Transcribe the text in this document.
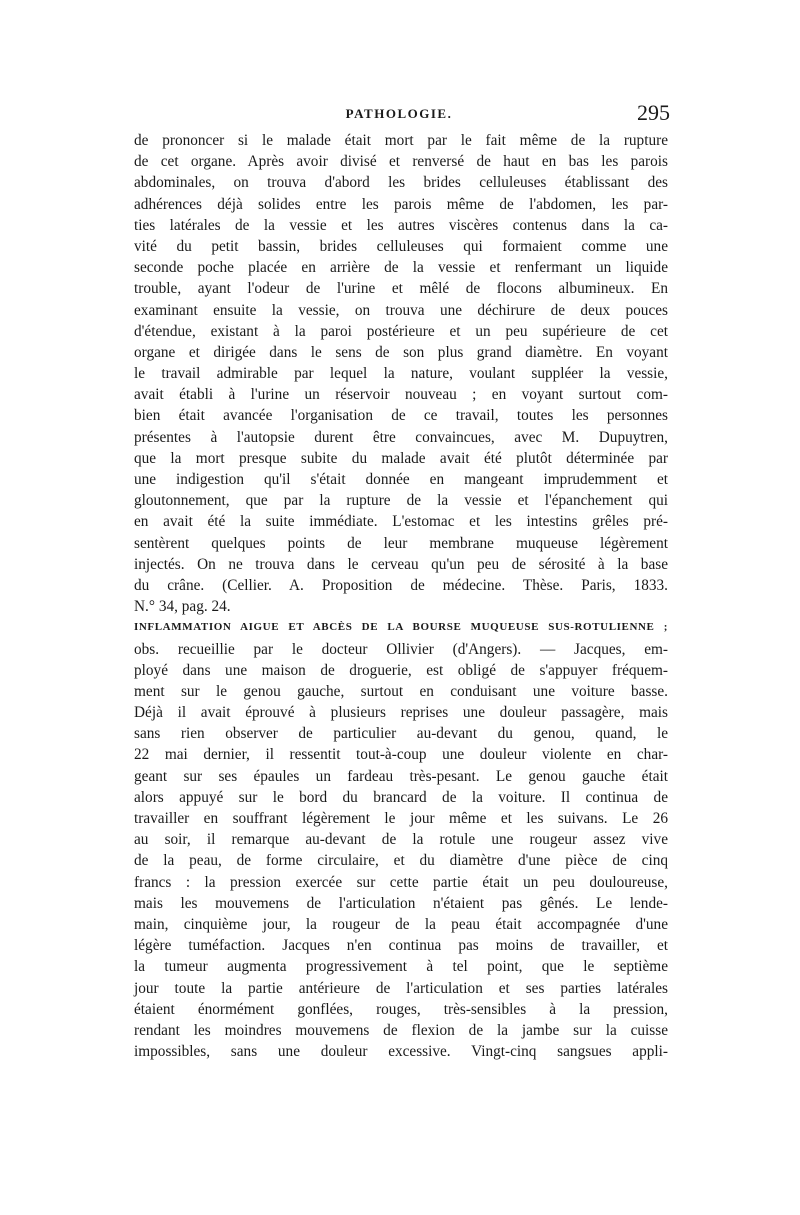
PATHOLOGIE.	295
de prononcer si le malade était mort par le fait même de la rupture
de cet organe. Après avoir divisé et renversé de haut en bas les parois
abdominales, on trouva d'abord les brides celluleuses établissant des
adhérences déjà solides entre les parois même de l'abdomen, les par-
ties latérales de la vessie et les autres viscères contenus dans la ca-
vité du petit bassin, brides celluleuses qui formaient comme une
seconde poche placée en arrière de la vessie et renfermant un liquide
trouble, ayant l'odeur de l'urine et mêlé de flocons albumineux. En
examinant ensuite la vessie, on trouva une déchirure de deux pouces
d'étendue, existant à la paroi postérieure et un peu supérieure de cet
organe et dirigée dans le sens de son plus grand diamètre. En voyant
le travail admirable par lequel la nature, voulant suppléer la vessie,
avait établi à l'urine un réservoir nouveau ; en voyant surtout com-
bien était avancée l'organisation de ce travail, toutes les personnes
présentes à l'autopsie durent être convaincues, avec M. Dupuytren,
que la mort presque subite du malade avait été plutôt déterminée par
une indigestion qu'il s'était donnée en mangeant imprudemment et
gloutonnement, que par la rupture de la vessie et l'épanchement qui
en avait été la suite immédiate. L'estomac et les intestins grêles pré-
sentèrent quelques points de leur membrane muqueuse légèrement
injectés. On ne trouva dans le cerveau qu'un peu de sérosité à la base
du crâne. (Cellier. A. Proposition de médecine. Thèse. Paris, 1833.
N.° 34, pag. 24.
INFLAMMATION AIGUE ET ABCÈS DE LA BOURSE MUQUEUSE SUS-ROTULIENNE ;
obs. recueillie par le docteur Ollivier (d'Angers). — Jacques, em-
ployé dans une maison de droguerie, est obligé de s'appuyer fréquem-
ment sur le genou gauche, surtout en conduisant une voiture basse.
Déjà il avait éprouvé à plusieurs reprises une douleur passagère, mais
sans rien observer de particulier au-devant du genou, quand, le
22 mai dernier, il ressentit tout-à-coup une douleur violente en char-
geant sur ses épaules un fardeau très-pesant. Le genou gauche était
alors appuyé sur le bord du brancard de la voiture. Il continua de
travailler en souffrant légèrement le jour même et les suivans. Le 26
au soir, il remarque au-devant de la rotule une rougeur assez vive
de la peau, de forme circulaire, et du diamètre d'une pièce de cinq
francs : la pression exercée sur cette partie était un peu douloureuse,
mais les mouvemens de l'articulation n'étaient pas gênés. Le lende-
main, cinquième jour, la rougeur de la peau était accompagnée d'une
légère tuméfaction. Jacques n'en continua pas moins de travailler, et
la tumeur augmenta progressivement à tel point, que le septième
jour toute la partie antérieure de l'articulation et ses parties latérales
étaient énormément gonflées, rouges, très-sensibles à la pression,
rendant les moindres mouvemens de flexion de la jambe sur la cuisse
impossibles, sans une douleur excessive. Vingt-cinq sangsues appli-
